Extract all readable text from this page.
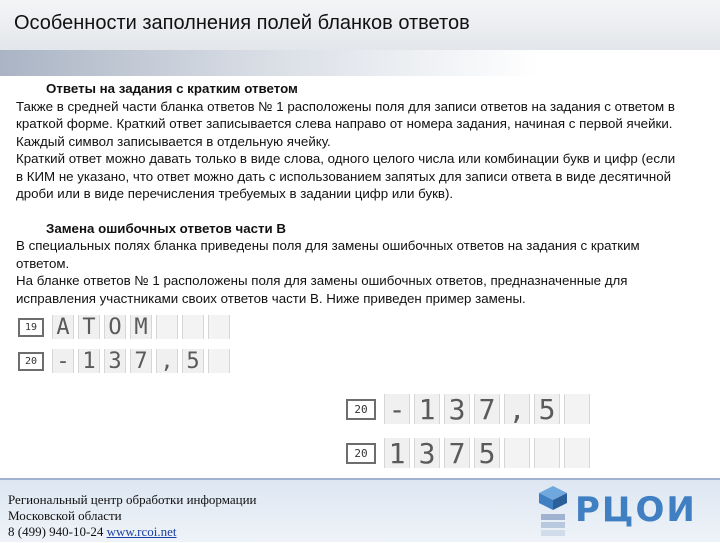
Особенности заполнения полей бланков ответов
Ответы на задания с кратким ответом
Также в средней части бланка ответов № 1 расположены поля для записи ответов на задания с ответом в краткой форме. Краткий ответ записывается слева направо от номера задания, начиная с первой ячейки. Каждый символ записывается в отдельную ячейку.
Краткий ответ можно давать только в виде слова, одного целого числа или комбинации букв и цифр (если в КИМ не указано, что ответ можно дать с использованием запятых для записи ответа в виде десятичной дроби или в виде перечисления требуемых в задании цифр или букв).
Замена ошибочных ответов части В
В специальных полях бланка приведены поля для замены ошибочных ответов на задания с кратким ответом.
На бланке ответов № 1 расположены поля для замены ошибочных ответов, предназначенные для исправления участниками своих ответов части В. Ниже приведен пример замены.
19 А Т О М
20 - 1 3 7 , 5
20 - 1 3 7 , 5
20 1 3 7 5
Региональный центр обработки информации
Московской области
8 (499) 940-10-24 www.rcoi.net
РЦОИ
